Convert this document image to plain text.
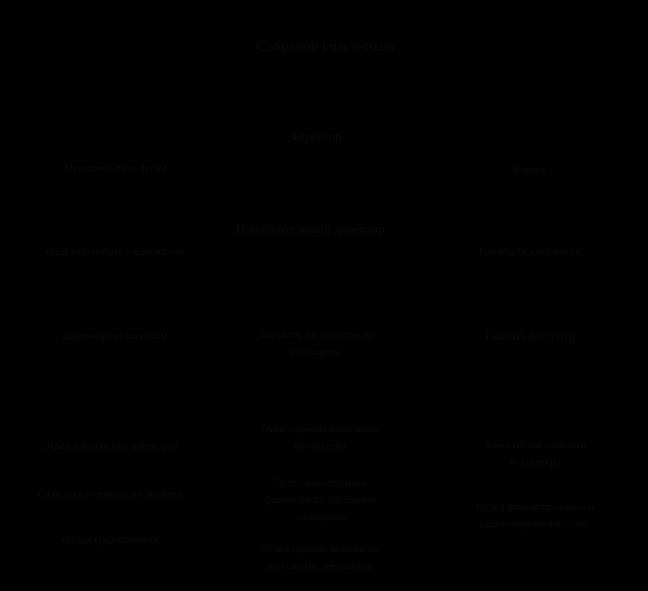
Собрание участников
Директор
Менеджер по услугам	Юрист
Исполнительный директор
Отдел по работе с клиентами	Служба безопасности
Директор по закупкам	Директор по кредитным операциям
Главный бухгалтер
Отдел заключения договоров
Отдел оценки залогового имущества	Заместитель главного бухгалтера
Отдел обслуживания клиентов
Отдел мониторинга финансового состояния заёмщиков
Отдел финансирования и прогнозирования услуг
Отдел кредитования
Отдел продаж залогового имущества заёмщиков
